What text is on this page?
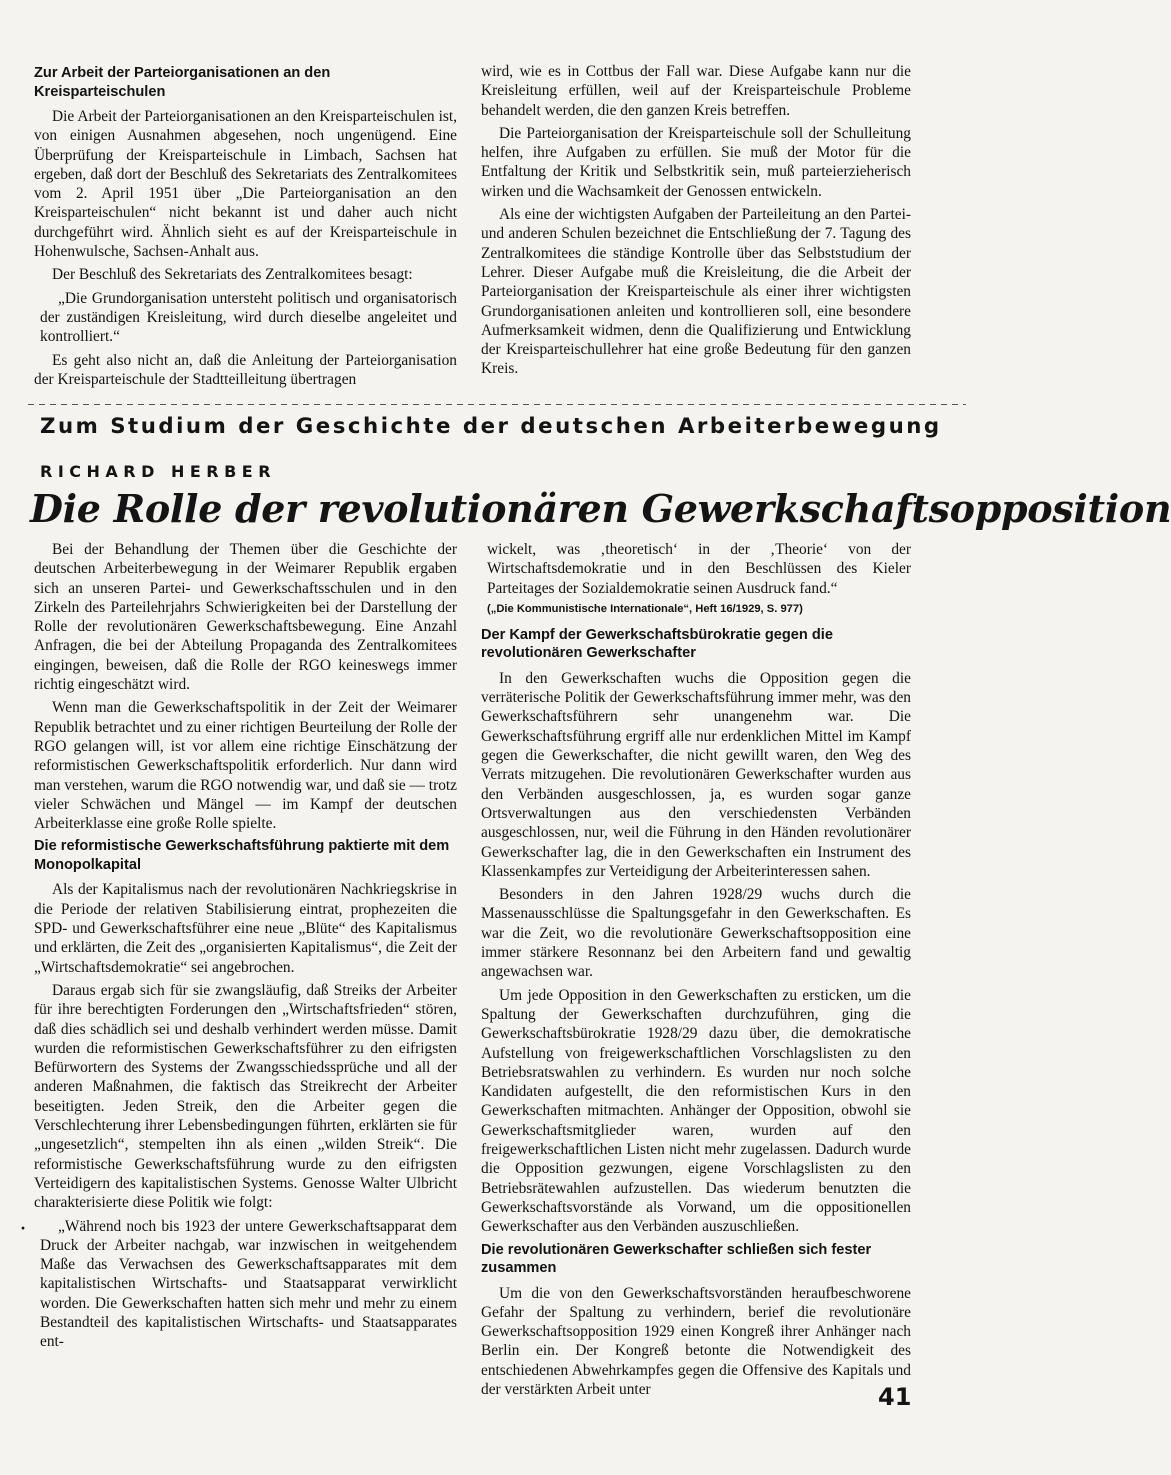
Zur Arbeit der Parteiorganisationen an den Kreisparteischulen

Die Arbeit der Parteiorganisationen an den Kreisparteischulen ist, von einigen Ausnahmen abgesehen, noch ungenügend. Eine Überprüfung der Kreisparteischule in Limbach, Sachsen hat ergeben, daß dort der Beschluß des Sekretariats des Zentralkomitees vom 2. April 1951 über „Die Parteiorganisation an den Kreisparteischulen“ nicht bekannt ist und daher auch nicht durchgeführt wird. Ähnlich sieht es auf der Kreisparteischule in Hohenwulsche, Sachsen-Anhalt aus.

Der Beschluß des Sekretariats des Zentralkomitees besagt:

„Die Grundorganisation untersteht politisch und organisatorisch der zuständigen Kreisleitung, wird durch dieselbe angeleitet und kontrolliert.“

Es geht also nicht an, daß die Anleitung der Parteiorganisation der Kreisparteischule der Stadtteilleitung übertragen

wird, wie es in Cottbus der Fall war. Diese Aufgabe kann nur die Kreisleitung erfüllen, weil auf der Kreisparteischule Probleme behandelt werden, die den ganzen Kreis betreffen.

Die Parteiorganisation der Kreisparteischule soll der Schulleitung helfen, ihre Aufgaben zu erfüllen. Sie muß der Motor für die Entfaltung der Kritik und Selbstkritik sein, muß parteierzieherisch wirken und die Wachsamkeit der Genossen entwickeln.

Als eine der wichtigsten Aufgaben der Parteileitung an den Partei- und anderen Schulen bezeichnet die Entschließung der 7. Tagung des Zentralkomitees die ständige Kontrolle über das Selbststudium der Lehrer. Dieser Aufgabe muß die Kreisleitung, die die Arbeit der Parteiorganisation der Kreisparteischule als einer ihrer wichtigsten Grundorganisationen anleiten und kontrollieren soll, eine besondere Aufmerksamkeit widmen, denn die Qualifizierung und Entwicklung der Kreisparteischullehrer hat eine große Bedeutung für den ganzen Kreis.

Zum Studium der Geschichte der deutschen Arbeiterbewegung
RICHARD HERBER
Die Rolle der revolutionären Gewerkschaftsopposition

Bei der Behandlung der Themen über die Geschichte der deutschen Arbeiterbewegung in der Weimarer Republik ergaben sich an unseren Partei- und Gewerkschaftsschulen und in den Zirkeln des Parteilehrjahrs Schwierigkeiten bei der Darstellung der Rolle der revolutionären Gewerkschaftsbewegung. Eine Anzahl Anfragen, die bei der Abteilung Propaganda des Zentralkomitees eingingen, beweisen, daß die Rolle der RGO keineswegs immer richtig eingeschätzt wird.

Wenn man die Gewerkschaftspolitik in der Zeit der Weimarer Republik betrachtet und zu einer richtigen Beurteilung der Rolle der RGO gelangen will, ist vor allem eine richtige Einschätzung der reformistischen Gewerkschaftspolitik erforderlich. Nur dann wird man verstehen, warum die RGO notwendig war, und daß sie — trotz vieler Schwächen und Mängel — im Kampf der deutschen Arbeiterklasse eine große Rolle spielte.

Die reformistische Gewerkschaftsführung paktierte mit dem Monopolkapital

Als der Kapitalismus nach der revolutionären Nachkriegskrise in die Periode der relativen Stabilisierung eintrat, prophezeiten die SPD- und Gewerkschaftsführer eine neue „Blüte“ des Kapitalismus und erklärten, die Zeit des „organisierten Kapitalismus“, die Zeit der „Wirtschaftsdemokratie“ sei angebrochen.

Daraus ergab sich für sie zwangsläufig, daß Streiks der Arbeiter für ihre berechtigten Forderungen den „Wirtschaftsfrieden“ stören, daß dies schädlich sei und deshalb verhindert werden müsse. Damit wurden die reformistischen Gewerkschaftsführer zu den eifrigsten Befürwortern des Systems der Zwangsschiedssprüche und all der anderen Maßnahmen, die faktisch das Streikrecht der Arbeiter beseitigten. Jeden Streik, den die Arbeiter gegen die Verschlechterung ihrer Lebensbedingungen führten, erklärten sie für „ungesetzlich“, stempelten ihn als einen „wilden Streik“. Die reformistische Gewerkschaftsführung wurde zu den eifrigsten Verteidigern des kapitalistischen Systems. Genosse Walter Ulbricht charakterisierte diese Politik wie folgt:

„Während noch bis 1923 der untere Gewerkschaftsapparat dem Druck der Arbeiter nachgab, war inzwischen in weitgehendem Maße das Verwachsen des Gewerkschaftsapparates mit dem kapitalistischen Wirtschafts- und Staatsapparat verwirklicht worden. Die Gewerkschaften hatten sich mehr und mehr zu einem Bestandteil des kapitalistischen Wirtschafts- und Staatsapparates ent-

·

wickelt, was ‚theoretisch‘ in der ‚Theorie‘ von der Wirtschaftsdemokratie und in den Beschlüssen des Kieler Parteitages der Sozialdemokratie seinen Ausdruck fand.“

(„Die Kommunistische Internationale“, Heft 16/1929, S. 977)
Der Kampf der Gewerkschaftsbürokratie gegen die revolutionären Gewerkschafter

In den Gewerkschaften wuchs die Opposition gegen die verräterische Politik der Gewerkschaftsführung immer mehr, was den Gewerkschaftsführern sehr unangenehm war. Die Gewerkschaftsführung ergriff alle nur erdenklichen Mittel im Kampf gegen die Gewerkschafter, die nicht gewillt waren, den Weg des Verrats mitzugehen. Die revolutionären Gewerkschafter wurden aus den Verbänden ausgeschlossen, ja, es wurden sogar ganze Ortsverwaltungen aus den verschiedensten Verbänden ausgeschlossen, nur, weil die Führung in den Händen revolutionärer Gewerkschafter lag, die in den Gewerkschaften ein Instrument des Klassenkampfes zur Verteidigung der Arbeiterinteressen sahen.

Besonders in den Jahren 1928/29 wuchs durch die Massenausschlüsse die Spaltungsgefahr in den Gewerkschaften. Es war die Zeit, wo die revolutionäre Gewerkschaftsopposition eine immer stärkere Resonnanz bei den Arbeitern fand und gewaltig angewachsen war.

Um jede Opposition in den Gewerkschaften zu ersticken, um die Spaltung der Gewerkschaften durchzuführen, ging die Gewerkschaftsbürokratie 1928/29 dazu über, die demokratische Aufstellung von freigewerkschaftlichen Vorschlagslisten zu den Betriebsratswahlen zu verhindern. Es wurden nur noch solche Kandidaten aufgestellt, die den reformistischen Kurs in den Gewerkschaften mitmachten. Anhänger der Opposition, obwohl sie Gewerkschaftsmitglieder waren, wurden auf den freigewerkschaftlichen Listen nicht mehr zugelassen. Dadurch wurde die Opposition gezwungen, eigene Vorschlagslisten zu den Betriebsrätewahlen aufzustellen. Das wiederum benutzten die Gewerkschaftsvorstände als Vorwand, um die oppositionellen Gewerkschafter aus den Verbänden auszuschließen.

Die revolutionären Gewerkschafter schließen sich fester zusammen

Um die von den Gewerkschaftsvorständen heraufbeschworene Gefahr der Spaltung zu verhindern, berief die revolutionäre Gewerkschaftsopposition 1929 einen Kongreß ihrer Anhänger nach Berlin ein. Der Kongreß betonte die Notwendigkeit des entschiedenen Abwehrkampfes gegen die Offensive des Kapitals und der verstärkten Arbeit unter	41
